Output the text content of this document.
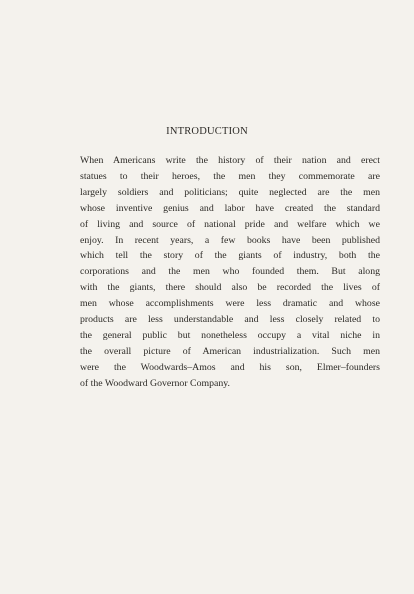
INTRODUCTION
When Americans write the history of their nation and erect
statues to their heroes, the men they commemorate are
largely soldiers and politicians; quite neglected are the men
whose inventive genius and labor have created the standard
of living and source of national pride and welfare which we
enjoy. In recent years, a few books have been published
which tell the story of the giants of industry, both the
corporations and the men who founded them. But along
with the giants, there should also be recorded the lives of
men whose accomplishments were less dramatic and whose
products are less understandable and less closely related to
the general public but nonetheless occupy a vital niche in
the overall picture of American industrialization. Such men
were the Woodwards–Amos and his son, Elmer–founders
of the Woodward Governor Company.
